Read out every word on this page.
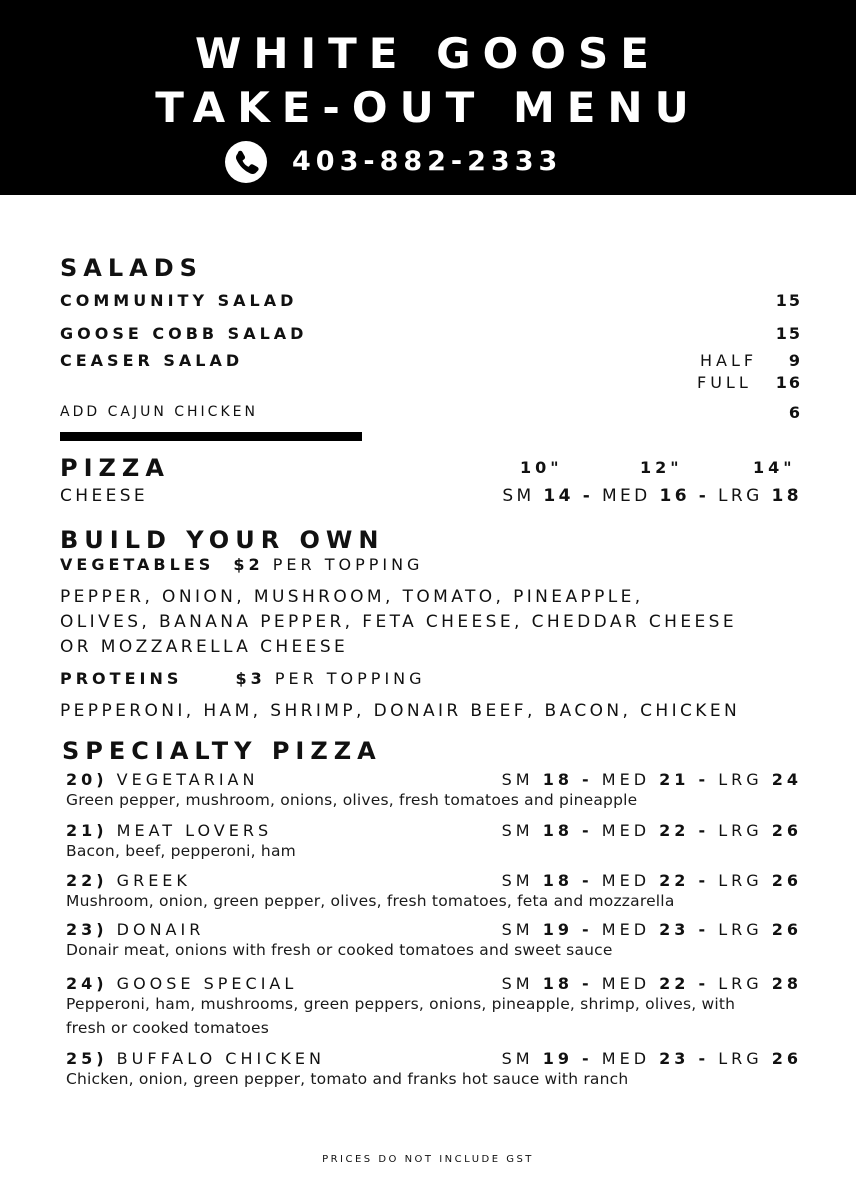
WHITE GOOSE
TAKE-OUT MENU
403-882-2333
SALADS
COMMUNITY SALAD	15
GOOSE COBB SALAD	15
CEASER SALAD	HALF 9
FULL 16
ADD CAJUN CHICKEN	6
PIZZA	10"	12"	14"
CHEESE	SM 14 - MED 16 - LRG 18
BUILD YOUR OWN
VEGETABLES $2 PER TOPPING
PEPPER, ONION, MUSHROOM, TOMATO, PINEAPPLE,
OLIVES, BANANA PEPPER, FETA CHEESE, CHEDDAR CHEESE
OR MOZZARELLA CHEESE
PROTEINS	$3 PER TOPPING
PEPPERONI, HAM, SHRIMP, DONAIR BEEF, BACON, CHICKEN
SPECIALTY PIZZA
20) VEGETARIAN	SM 18 - MED 21 - LRG 24
Green pepper, mushroom, onions, olives, fresh tomatoes and pineapple
21) MEAT LOVERS	SM 18 - MED 22 - LRG 26
Bacon, beef, pepperoni, ham
22) GREEK	SM 18 - MED 22 - LRG 26
Mushroom, onion, green pepper, olives, fresh tomatoes, feta and mozzarella
23) DONAIR	SM 19 - MED 23 - LRG 26
Donair meat, onions with fresh or cooked tomatoes and sweet sauce
24) GOOSE SPECIAL	SM 18 - MED 22 - LRG 28
Pepperoni, ham, mushrooms, green peppers, onions, pineapple, shrimp, olives, with
fresh or cooked tomatoes
25) BUFFALO CHICKEN	SM 19 - MED 23 - LRG 26
Chicken, onion, green pepper, tomato and franks hot sauce with ranch
PRICES DO NOT INCLUDE GST
